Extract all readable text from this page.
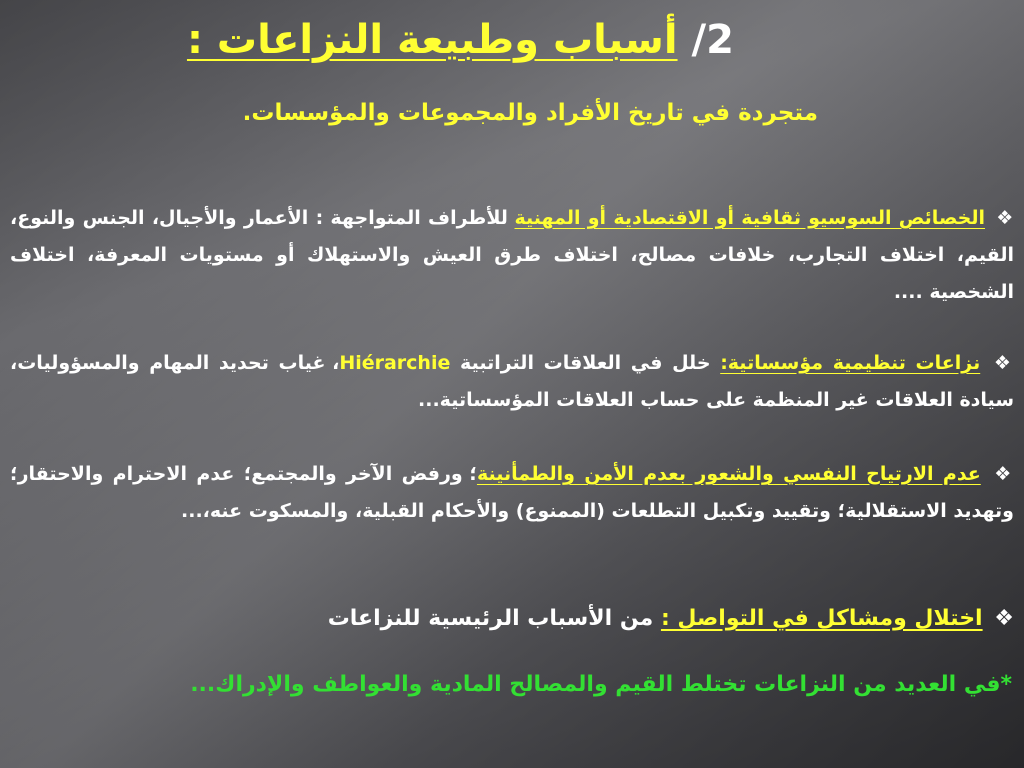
2/أسباب وطبيعة النزاعات :
متجردة في تاريخ الأفراد والمجموعات والمؤسسات.
❖ الخصائص السوسيو ثقافية أو الاقتصادية أو المهنية للأطراف المتواجهة : الأعمار والأجيال، الجنس والنوع، القيم، اختلاف التجارب، خلافات مصالح، اختلاف طرق العيش والاستهلاك أو مستويات المعرفة، اختلاف الشخصية ....
❖ نزاعات تنظيمية مؤسساتية: خلل في العلاقات التراتبية Hiérarchie، غياب تحديد المهام والمسؤوليات، سيادة العلاقات غير المنظمة على حساب العلاقات المؤسساتية...
❖ عدم الارتياح النفسي والشعور بعدم الأمن والطمأنينة؛ ورفض الآخر والمجتمع؛ عدم الاحترام والاحتقار؛ وتهديد الاستقلالية؛ وتقييد وتكبيل التطلعات (الممنوع) والأحكام القبلية، والمسكوت عنه،...
❖ اختلال ومشاكل في التواصل : من الأسباب الرئيسية للنزاعات
*في العديد من النزاعات تختلط القيم والمصالح المادية والعواطف والإدراك...
